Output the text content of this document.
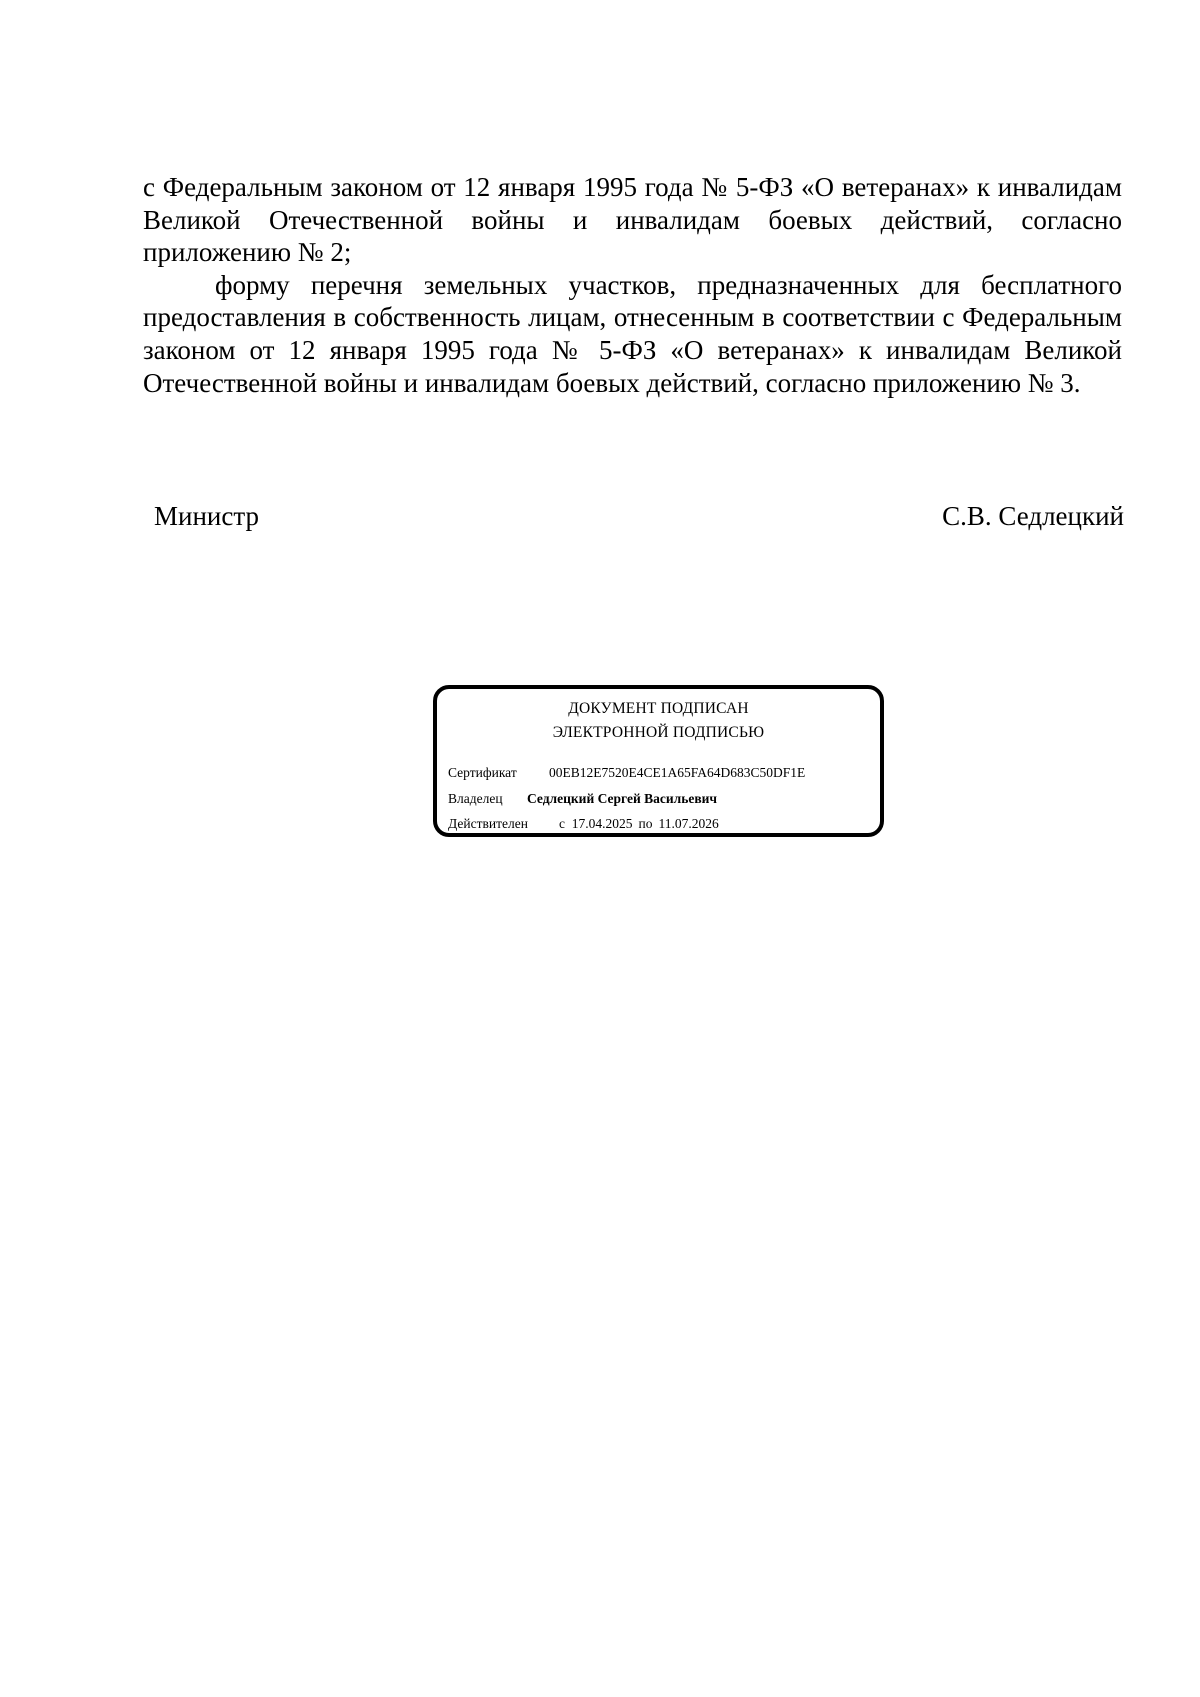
с Федеральным законом от 12 января 1995 года № 5-ФЗ «О ветеранах» к инвалидам Великой Отечественной войны и инвалидам боевых действий, согласно приложению № 2;

форму перечня земельных участков, предназначенных для бесплатного предоставления в собственность лицам, отнесенным в соответствии с Федеральным законом от 12 января 1995 года № 5-ФЗ «О ветеранах» к инвалидам Великой Отечественной войны и инвалидам боевых действий, согласно приложению № 3.

Министр	С.В. Седлецкий
ДОКУМЕНТ ПОДПИСАН
ЭЛЕКТРОННОЙ ПОДПИСЬЮ
Сертификат 00EB12E7520E4CE1A65FA64D683C50DF1E
Владелец Седлецкий Сергей Васильевич
Действителен с 17.04.2025 по 11.07.2026
